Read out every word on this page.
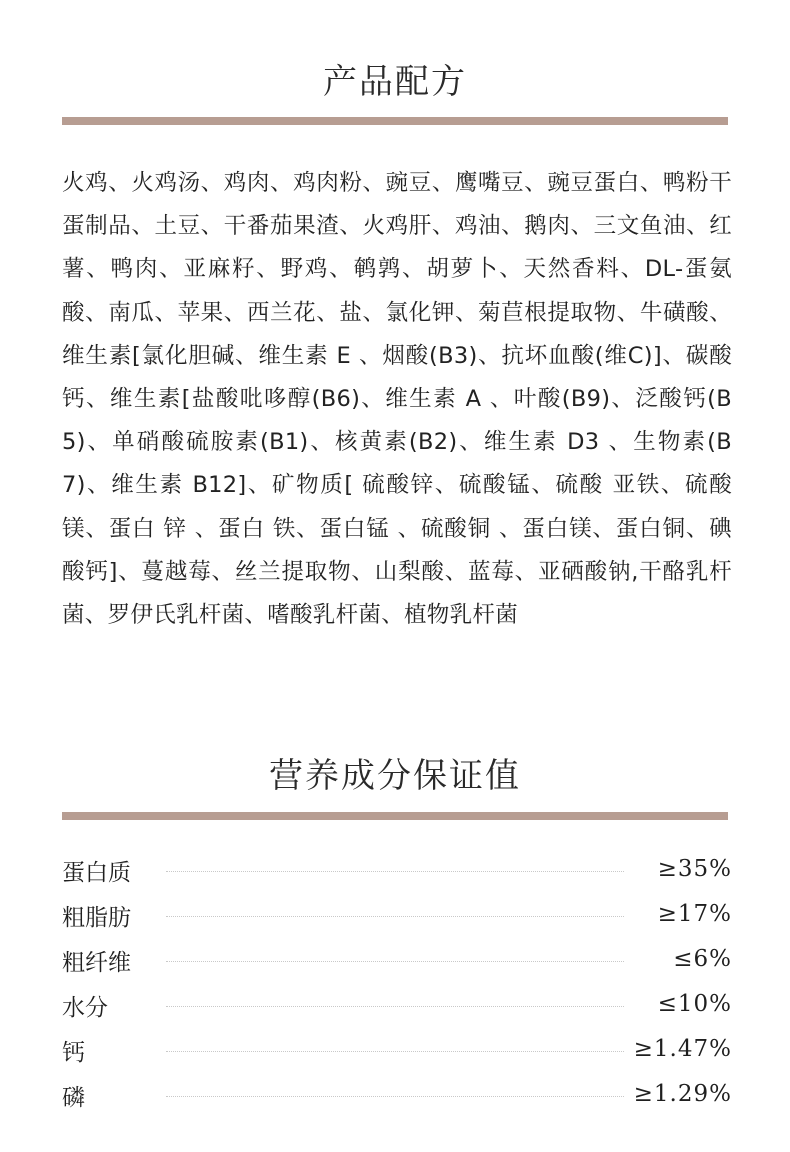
产品配方
火鸡、火鸡汤、鸡肉、鸡肉粉、豌豆、鹰嘴豆、豌豆蛋白、鸭粉干蛋制品、土豆、干番茄果渣、火鸡肝、鸡油、鹅肉、三文鱼油、红薯、鸭肉、亚麻籽、野鸡、鹌鹑、胡萝卜、天然香料、DL-蛋氨酸、南瓜、苹果、西兰花、盐、氯化钾、菊苣根提取物、牛磺酸、维生素[氯化胆碱、维生素 E 、烟酸(B3)、抗坏血酸(维C)]、碳酸钙、维生素[盐酸吡哆醇(B6)、维生素 A 、叶酸(B9)、泛酸钙(B5)、单硝酸硫胺素(B1)、核黄素(B2)、维生素 D3 、生物素(B7)、维生素 B12]、矿物质[ 硫酸锌、硫酸锰、硫酸 亚铁、硫酸镁、蛋白 锌 、蛋白 铁、蛋白锰 、硫酸铜 、蛋白镁、蛋白铜、碘酸钙]、蔓越莓、丝兰提取物、山梨酸、蓝莓、亚硒酸钠,干酪乳杆菌、罗伊氏乳杆菌、嗜酸乳杆菌、植物乳杆菌
营养成分保证值
蛋白质	≥35%
粗脂肪	≥17%
粗纤维	≤6%
水分	≤10%
钙	≥1.47%
磷	≥1.29%
